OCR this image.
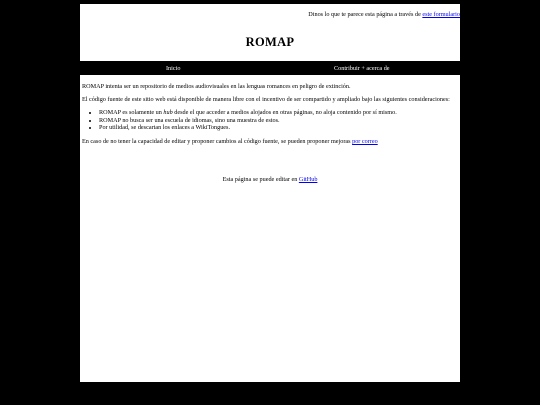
Dinos lo que te parece esta página a través de este formulario
ROMAP
Inicio	Contribuir + acerca de

ROMAP intenta ser un repositorio de medios audiovisuales en las lenguas romances en peligro de extinción.

El código fuente de este sitio web está disponible de manera libre con el incentivo de ser compartido y ampliado bajo las siguientes consideraciones:

• ROMAP es solamente un hub desde el que acceder a medios alojados en otras páginas, no aloja contenido por sí mismo.
• ROMAP no busca ser una escuela de idiomas, sino una muestra de estos.
• Por utilidad, se descartan los enlaces a WikiTongues.

En caso de no tener la capacidad de editar y proponer cambios al código fuente, se pueden proponer mejoras por correo

Esta página se puede editar en GitHub
